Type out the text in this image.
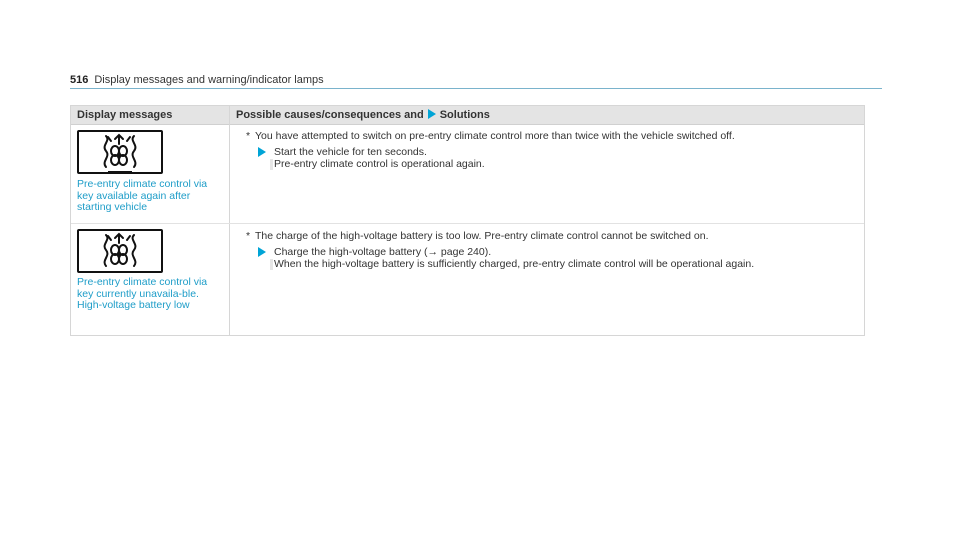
516 Display messages and warning/indicator lamps
Display messages	Possible causes/consequences and Solutions
Pre-entry climate control via key available again after starting vehicle
* You have attempted to switch on pre-entry climate control more than twice with the vehicle switched off.
Start the vehicle for ten seconds.
Pre-entry climate control is operational again.
Pre-entry climate control via key currently unavaila-ble. High-voltage battery low
* The charge of the high-voltage battery is too low. Pre-entry climate control cannot be switched on.
Charge the high-voltage battery (→ page 240).
When the high-voltage battery is sufficiently charged, pre-entry climate control will be operational again.
